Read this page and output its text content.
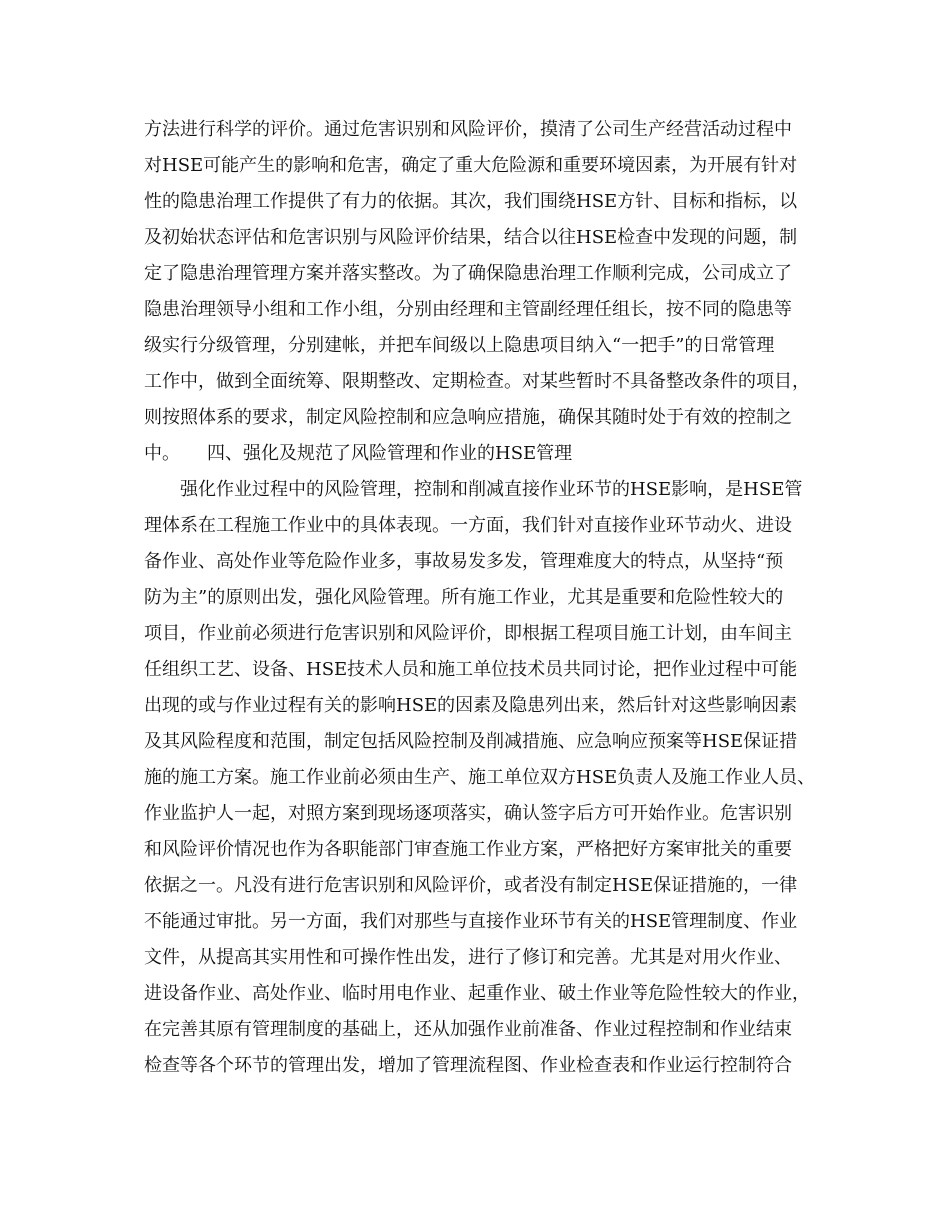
方法进行科学的评价。通过危害识别和风险评价，摸清了公司生产经营活动过程中
对HSE可能产生的影响和危害，确定了重大危险源和重要环境因素，为开展有针对
性的隐患治理工作提供了有力的依据。其次，我们围绕HSE方针、目标和指标，以
及初始状态评估和危害识别与风险评价结果，结合以往HSE检查中发现的问题，制
定了隐患治理管理方案并落实整改。为了确保隐患治理工作顺利完成，公司成立了
隐患治理领导小组和工作小组，分别由经理和主管副经理任组长，按不同的隐患等
级实行分级管理，分别建帐，并把车间级以上隐患项目纳入“一把手”的日常管理
工作中，做到全面统筹、限期整改、定期检查。对某些暂时不具备整改条件的项目，
则按照体系的要求，制定风险控制和应急响应措施，确保其随时处于有效的控制之
中。　　四、强化及规范了风险管理和作业的HSE管理
　　强化作业过程中的风险管理，控制和削减直接作业环节的HSE影响，是HSE管
理体系在工程施工作业中的具体表现。一方面，我们针对直接作业环节动火、进设
备作业、高处作业等危险作业多，事故易发多发，管理难度大的特点，从坚持“预
防为主”的原则出发，强化风险管理。所有施工作业，尤其是重要和危险性较大的
项目，作业前必须进行危害识别和风险评价，即根据工程项目施工计划，由车间主
任组织工艺、设备、HSE技术人员和施工单位技术员共同讨论，把作业过程中可能
出现的或与作业过程有关的影响HSE的因素及隐患列出来，然后针对这些影响因素
及其风险程度和范围，制定包括风险控制及削减措施、应急响应预案等HSE保证措
施的施工方案。施工作业前必须由生产、施工单位双方HSE负责人及施工作业人员、
作业监护人一起，对照方案到现场逐项落实，确认签字后方可开始作业。危害识别
和风险评价情况也作为各职能部门审查施工作业方案，严格把好方案审批关的重要
依据之一。凡没有进行危害识别和风险评价，或者没有制定HSE保证措施的，一律
不能通过审批。另一方面，我们对那些与直接作业环节有关的HSE管理制度、作业
文件，从提高其实用性和可操作性出发，进行了修订和完善。尤其是对用火作业、
进设备作业、高处作业、临时用电作业、起重作业、破土作业等危险性较大的作业，
在完善其原有管理制度的基础上，还从加强作业前准备、作业过程控制和作业结束
检查等各个环节的管理出发，增加了管理流程图、作业检查表和作业运行控制符合
